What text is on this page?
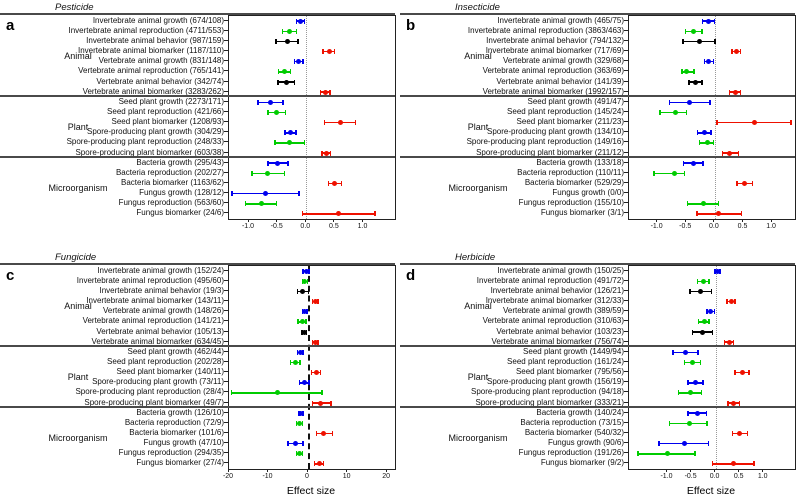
Pesticide
a
Animal
Invertebrate animal growth (674/108)
Invertebrate animal reproduction (4711/553)
Invertebrate animal behavior (987/159)
Invertebrate animal biomarker (1187/110)
Vertebrate animal growth (831/148)
Vertebrate animal reproduction (765/141)
Vertebrate animal behavior (342/74)
Vertebrate animal biomarker (3283/262)
Plant
Seed plant growth (2273/171)
Seed plant reproduction (421/66)
Seed plant biomarker (1208/93)
Spore-producing plant growth (304/29)
Spore-producing plant reproduction (248/33)
Spore-producing plant biomarker (603/38)
Microorganism
Bacteria growth (295/43)
Bacteria reproduction (202/27)
Bacteria biomarker (1163/62)
Fungus growth (128/12)
Fungus reproduction (563/60)
Fungus biomarker (24/6)
-1.0	-0.5	0.0	0.5	1.0
Insecticide
b
Animal
Invertebrate animal growth (465/75)
Invertebrate animal reproduction (3863/463)
Invertebrate animal behavior (794/132)
Invertebrate animal biomarker (717/69)
Vertebrate animal growth (329/68)
Vertebrate animal reproduction (363/69)
Vertebrate animal behavior (141/39)
Vertebrate animal biomarker (1992/157)
Plant
Seed plant growth (491/47)
Seed plant reproduction (145/24)
Seed plant biomarker (211/23)
Spore-producing plant growth (134/10)
Spore-producing plant reproduction (149/16)
Spore-producing plant biomarker (211/12)
Microorganism
Bacteria growth (133/18)
Bacteria reproduction (110/11)
Bacteria biomarker (529/29)
Fungus growth (0/0)
Fungus reproduction (155/10)
Fungus biomarker (3/1)
-1.0	-0.5	0.0	0.5	1.0
Fungicide
c
Animal
Invertebrate animal growth (152/24)
Invertebrate animal reproduction (495/60)
Invertebrate animal behavior (19/3)
Invertebrate animal biomarker (143/11)
Vertebrate animal growth (148/26)
Vertebrate animal reproduction (141/21)
Vertebrate animal behavior (105/13)
Vertebrate animal biomarker (634/45)
Plant
Seed plant growth (462/44)
Seed plant reproduction (202/28)
Seed plant biomarker (140/11)
Spore-producing plant growth (73/11)
Spore-producing plant reproduction (28/4)
Spore-producing plant biomarker (49/7)
Microorganism
Bacteria growth (126/10)
Bacteria reproduction (72/9)
Bacteria biomarker (101/6)
Fungus growth (47/10)
Fungus reproduction (294/35)
Fungus biomarker (27/4)
-20	-10	0	10	20
Effect size
Herbicide
d
Animal
Invertebrate animal growth (150/25)
Invertebrate animal reproduction (491/72)
Invertebrate animal behavior (126/21)
Invertebrate animal biomarker (312/33)
Vertebrate animal growth (389/59)
Vertebrate animal reproduction (310/63)
Vertebrate animal behavior (103/23)
Vertebrate animal biomarker (756/74)
Plant
Seed plant growth (1449/94)
Seed plant reproduction (161/24)
Seed plant biomarker (795/56)
Spore-producing plant growth (156/19)
Spore-producing plant reproduction (94/18)
Spore-producing plant biomarker (333/21)
Microorganism
Bacteria growth (140/24)
Bacteria reproduction (73/15)
Bacteria biomarker (540/32)
Fungus growth (90/6)
Fungus reproduction (191/26)
Fungus biomarker (9/2)
-1.0	-0.5	0.0	0.5	1.0
Effect size
